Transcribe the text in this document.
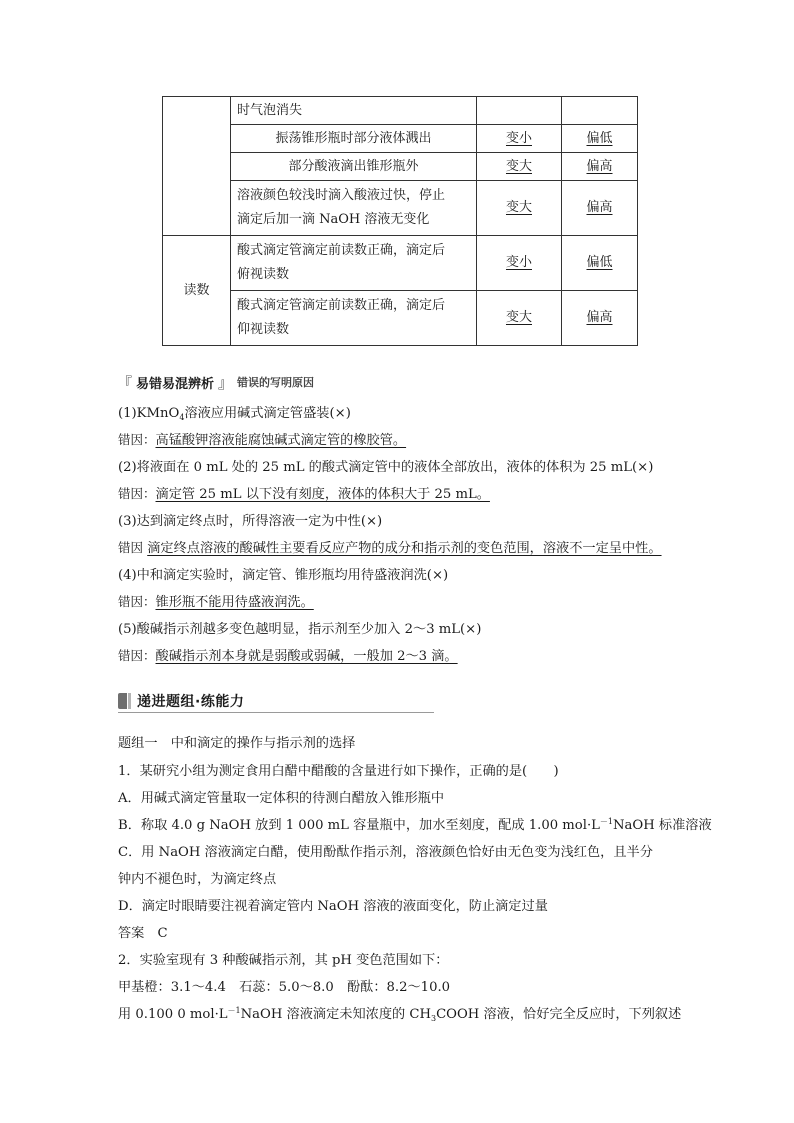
	时气泡消失		
	振荡锥形瓶时部分液体溅出	变小	偏低
	部分酸液滴出锥形瓶外	变大	偏高

	溶液颜色较浅时滴入酸液过快，停止
滴定后加一滴 NaOH 溶液无变化	变大	偏高
读数	酸式滴定管滴定前读数正确，滴定后
俯视读数	变小	偏低

	酸式滴定管滴定前读数正确，滴定后
仰视读数	变大	偏高
『 易错易混辨析 』 错误的写明原因
(1)KMnO$_4$溶液应用碱式滴定管盛装(×)
错因：高锰酸钾溶液能腐蚀碱式滴定管的橡胶管。
(2)将液面在 0 mL 处的 25 mL 的酸式滴定管中的液体全部放出，液体的体积为 25 mL(×)
错因：滴定管 25 mL 以下没有刻度，液体的体积大于 25 mL。
(3)达到滴定终点时，所得溶液一定为中性(×)
错因 滴定终点溶液的酸碱性主要看反应产物的成分和指示剂的变色范围，溶液不一定呈中性。
(4)中和滴定实验时，滴定管、锥形瓶均用待盛液润洗(×)
错因：锥形瓶不能用待盛液润洗。
(5)酸碱指示剂越多变色越明显，指示剂至少加入 2～3 mL(×)
错因：酸碱指示剂本身就是弱酸或弱碱，一般加 2～3 滴。
递进题组·练能力
题组一　中和滴定的操作与指示剂的选择
1．某研究小组为测定食用白醋中醋酸的含量进行如下操作，正确的是(　　)
A．用碱式滴定管量取一定体积的待测白醋放入锥形瓶中
B．称取 4.0 g NaOH 放到 1 000 mL 容量瓶中，加水至刻度，配成 1.00 $mol\cdot L^{-1}NaOH$ 标准溶液
C．用 NaOH 溶液滴定白醋，使用酚酞作指示剂，溶液颜色恰好由无色变为浅红色，且半分
钟内不褪色时，为滴定终点
D．滴定时眼睛要注视着滴定管内 NaOH 溶液的液面变化，防止滴定过量
答案　C
2．实验室现有 3 种酸碱指示剂，其 pH 变色范围如下：
甲基橙：3.1～4.4　石蕊：5.0～8.0　酚酞：8.2～10.0
用 0.100 0 $mol\cdot L^{-1}NaOH$ 溶液滴定未知浓度的 $CH_3COOH$ 溶液，恰好完全反应时，下列叙述
